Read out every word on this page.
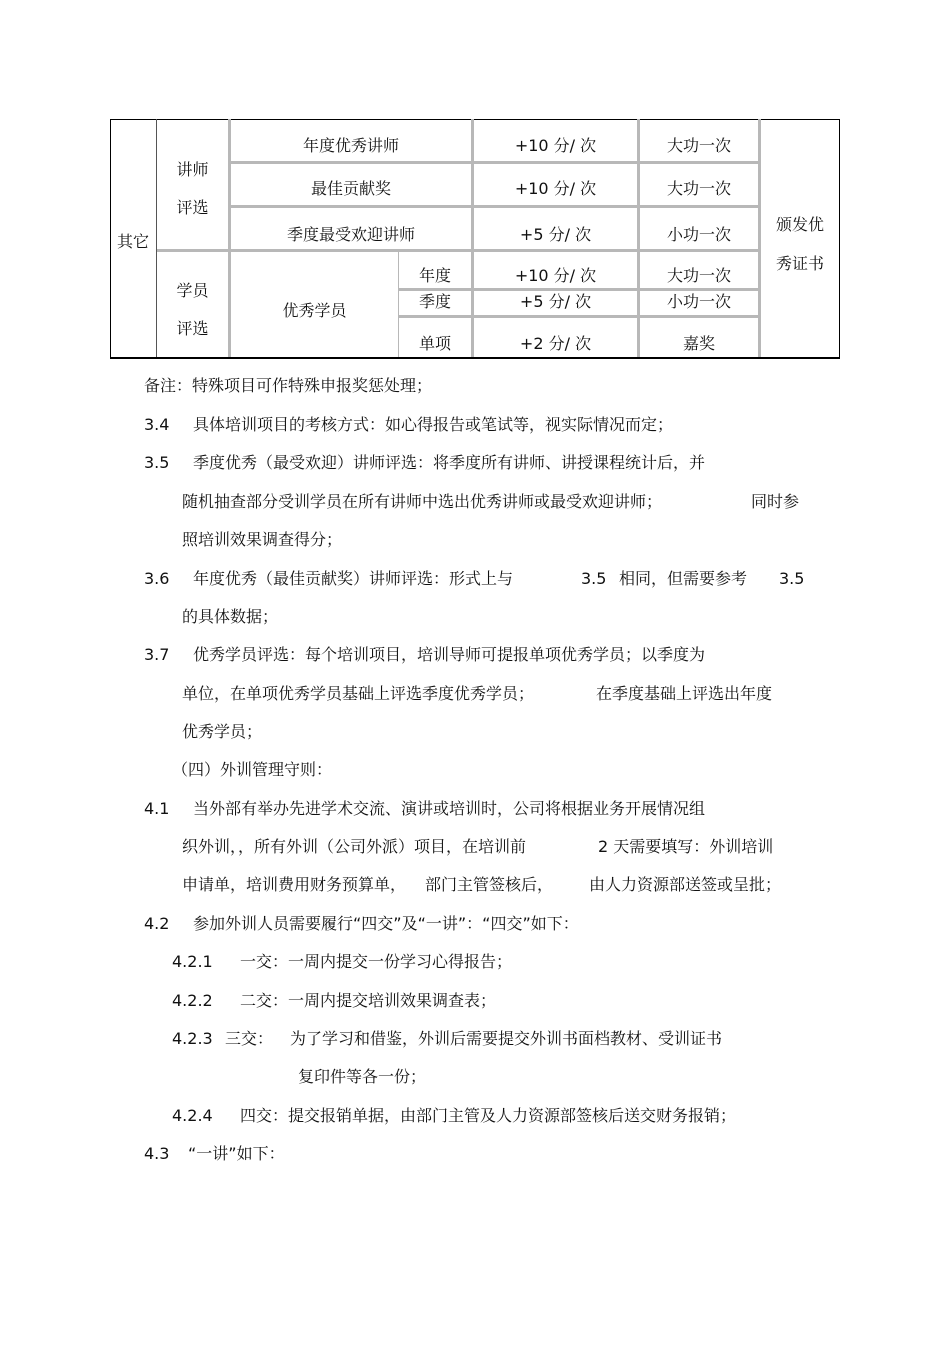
其它
讲师
评选
学员
评选
年度优秀讲师	+10 分/ 次	大功一次
最佳贡献奖	+10 分/ 次	大功一次
季度最受欢迎讲师	+5 分/ 次	小功一次
优秀学员
年度	+10 分/ 次	大功一次
季度	+5 分/ 次	小功一次
单项	+2 分/ 次	嘉奖
颁发优
秀证书
备注：特殊项目可作特殊申报奖惩处理；
3.4 具体培训项目的考核方式：如心得报告或笔试等，视实际情况而定；
3.5 季度优秀（最受欢迎）讲师评选：将季度所有讲师、讲授课程统计后，并
随机抽查部分受训学员在所有讲师中选出优秀讲师或最受欢迎讲师；	同时参
照培训效果调查得分；
3.6 年度优秀（最佳贡献奖）讲师评选：形式上与	3.5 相同，但需要参考 3.5
的具体数据；
3.7 优秀学员评选：每个培训项目，培训导师可提报单项优秀学员；以季度为
单位，在单项优秀学员基础上评选季度优秀学员；	在季度基础上评选出年度
优秀学员；
（四）外训管理守则：
4.1 当外部有举办先进学术交流、演讲或培训时，公司将根据业务开展情况组
织外训，，所有外训（公司外派）项目，在培训前	2 天需要填写：外训培训
申请单，培训费用财务预算单， 部门主管签核后， 由人力资源部送签或呈批；
4.2 参加外训人员需要履行“四交”及“一讲”：“四交”如下：
4.2.1 一交：一周内提交一份学习心得报告；
4.2.2 二交：一周内提交培训效果调查表；
4.2.3 三交： 为了学习和借鉴，外训后需要提交外训书面档教材、受训证书
复印件等各一份；
4.2.4 四交：提交报销单据，由部门主管及人力资源部签核后送交财务报销；
4.3 “一讲”如下：
